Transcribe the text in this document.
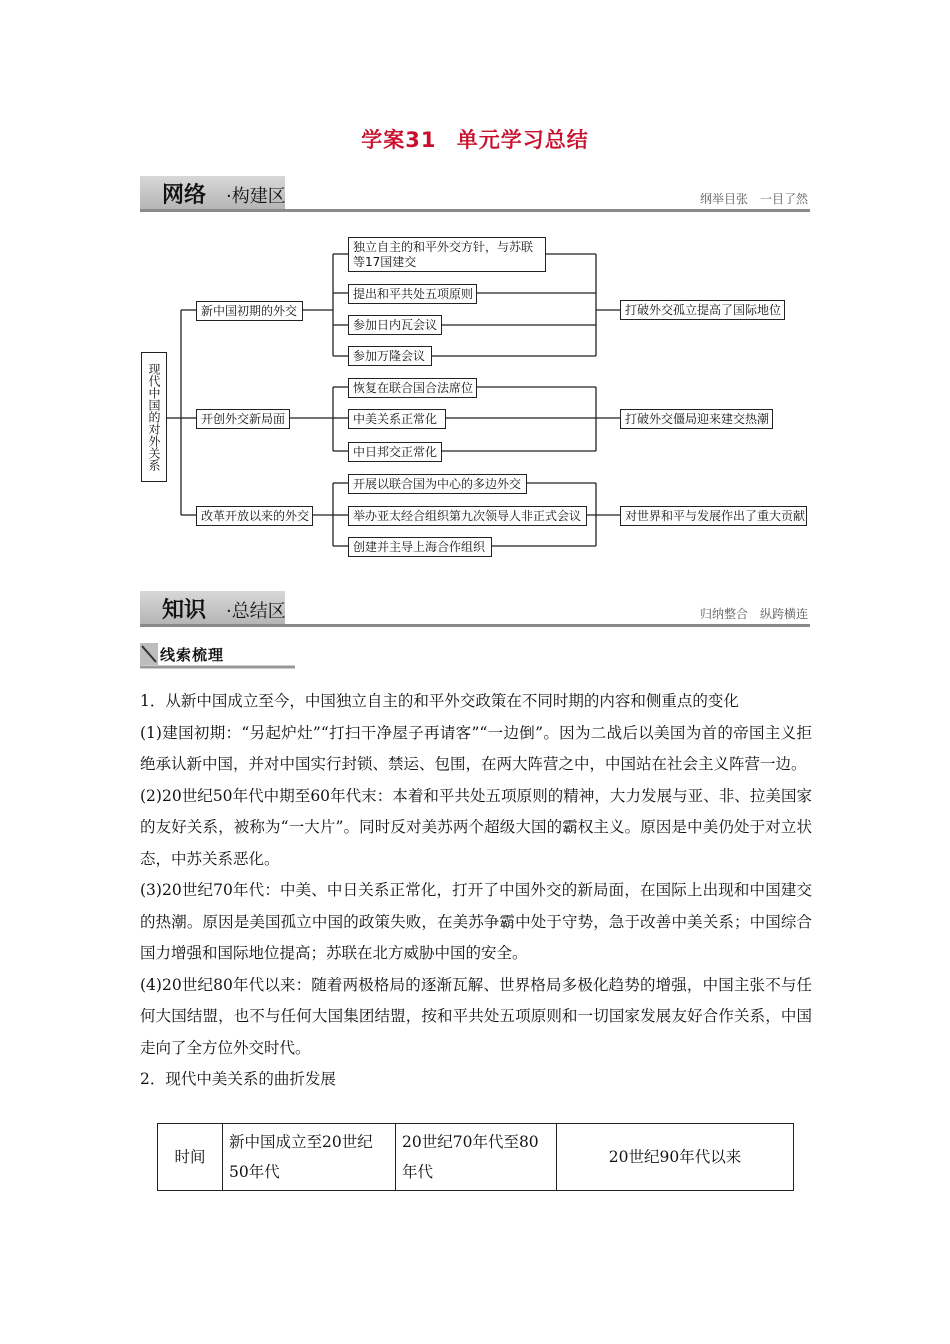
学案31 单元学习总结
网络 ·构建区	纲举目张　一目了然
现代中国的对外关系
新中国初期的外交
开创外交新局面
改革开放以来的外交
独立自主的和平外交方针，与苏联等17国建交
提出和平共处五项原则
参加日内瓦会议
参加万隆会议
恢复在联合国合法席位
中美关系正常化
中日邦交正常化
开展以联合国为中心的多边外交
举办亚太经合组织第九次领导人非正式会议
创建并主导上海合作组织
打破外交孤立提高了国际地位
打破外交僵局迎来建交热潮
对世界和平与发展作出了重大贡献
知识 ·总结区	归纳整合　纵跨横连
线索梳理

1．从新中国成立至今，中国独立自主的和平外交政策在不同时期的内容和侧重点的变化

(1)建国初期：“另起炉灶”“打扫干净屋子再请客”“一边倒”。因为二战后以美国为首的帝国主义拒绝承认新中国，并对中国实行封锁、禁运、包围，在两大阵营之中，中国站在社会主义阵营一边。

(2)20世纪50年代中期至60年代末：本着和平共处五项原则的精神，大力发展与亚、非、拉美国家的友好关系，被称为“一大片”。同时反对美苏两个超级大国的霸权主义。原因是中美仍处于对立状态，中苏关系恶化。

(3)20世纪70年代：中美、中日关系正常化，打开了中国外交的新局面，在国际上出现和中国建交的热潮。原因是美国孤立中国的政策失败，在美苏争霸中处于守势，急于改善中美关系；中国综合国力增强和国际地位提高；苏联在北方威胁中国的安全。

(4)20世纪80年代以来：随着两极格局的逐渐瓦解、世界格局多极化趋势的增强，中国主张不与任何大国结盟，也不与任何大国集团结盟，按和平共处五项原则和一切国家发展友好合作关系，中国走向了全方位外交时代。

2．现代中美关系的曲折发展

时间	新中国成立至20世纪50年代	20世纪70年代至80年代	20世纪90年代以来
